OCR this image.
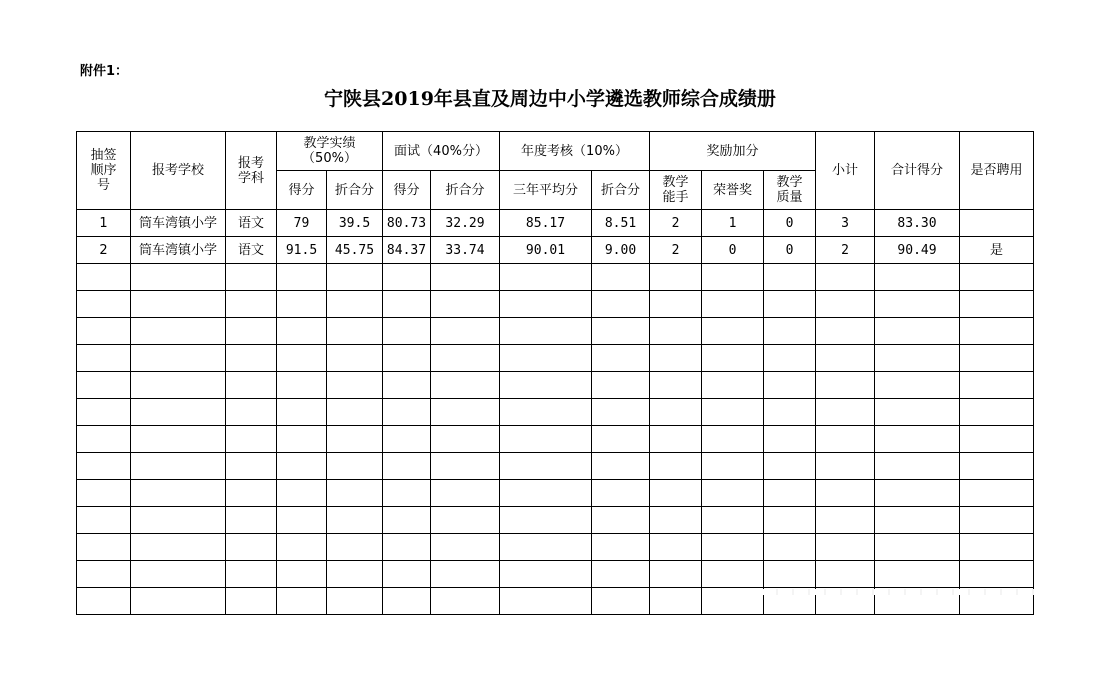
附件1：
宁陕县2019年县直及周边中小学遴选教师综合成绩册
抽签顺序号	报考学校	报考学科	教学实绩（50%）		面试（40%分）		年度考核（10%）		奖励加分			小计	合计得分	是否聘用
			得分	折合分	得分	折合分	三年平均分	折合分	教学能手	荣誉奖	教学质量			
1	筒车湾镇小学	语文	79	39.5	80.73	32.29	85.17	8.51	2	1	0	3	83.30	
2	筒车湾镇小学	语文	91.5	45.75	84.37	33.74	90.01	9.00	2	0	0	2	90.49	是
